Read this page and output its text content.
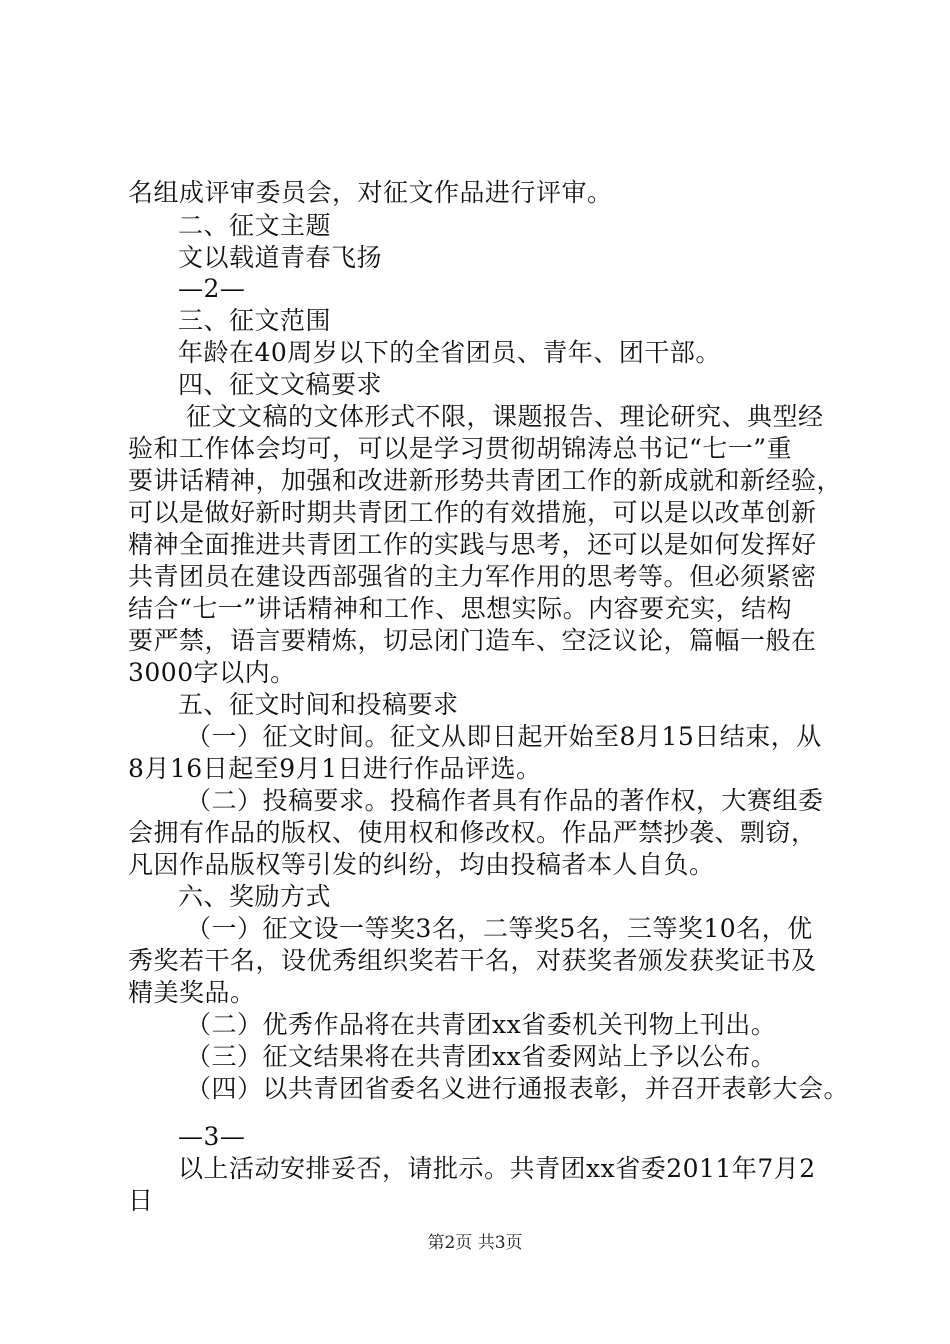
名组成评审委员会，对征文作品进行评审。
二、征文主题
文以载道青春飞扬
—2—
三、征文范围
年龄在40周岁以下的全省团员、青年、团干部。
四、征文文稿要求
征文文稿的文体形式不限，课题报告、理论研究、典型经
验和工作体会均可，可以是学习贯彻胡锦涛总书记“七一”重
要讲话精神，加强和改进新形势共青团工作的新成就和新经验，
可以是做好新时期共青团工作的有效措施，可以是以改革创新
精神全面推进共青团工作的实践与思考，还可以是如何发挥好
共青团员在建设西部强省的主力军作用的思考等。但必须紧密
结合“七一”讲话精神和工作、思想实际。内容要充实，结构
要严禁，语言要精炼，切忌闭门造车、空泛议论，篇幅一般在
3000字以内。
五、征文时间和投稿要求
（一）征文时间。征文从即日起开始至8月15日结束，从
8月16日起至9月1日进行作品评选。
（二）投稿要求。投稿作者具有作品的著作权，大赛组委
会拥有作品的版权、使用权和修改权。作品严禁抄袭、剽窃，
凡因作品版权等引发的纠纷，均由投稿者本人自负。
六、奖励方式
（一）征文设一等奖3名，二等奖5名，三等奖10名，优
秀奖若干名，设优秀组织奖若干名，对获奖者颁发获奖证书及
精美奖品。
（二）优秀作品将在共青团xx省委机关刊物上刊出。
（三）征文结果将在共青团xx省委网站上予以公布。
（四）以共青团省委名义进行通报表彰，并召开表彰大会。
—3—
以上活动安排妥否，请批示。共青团xx省委2011年7月2
日
第2页 共3页
